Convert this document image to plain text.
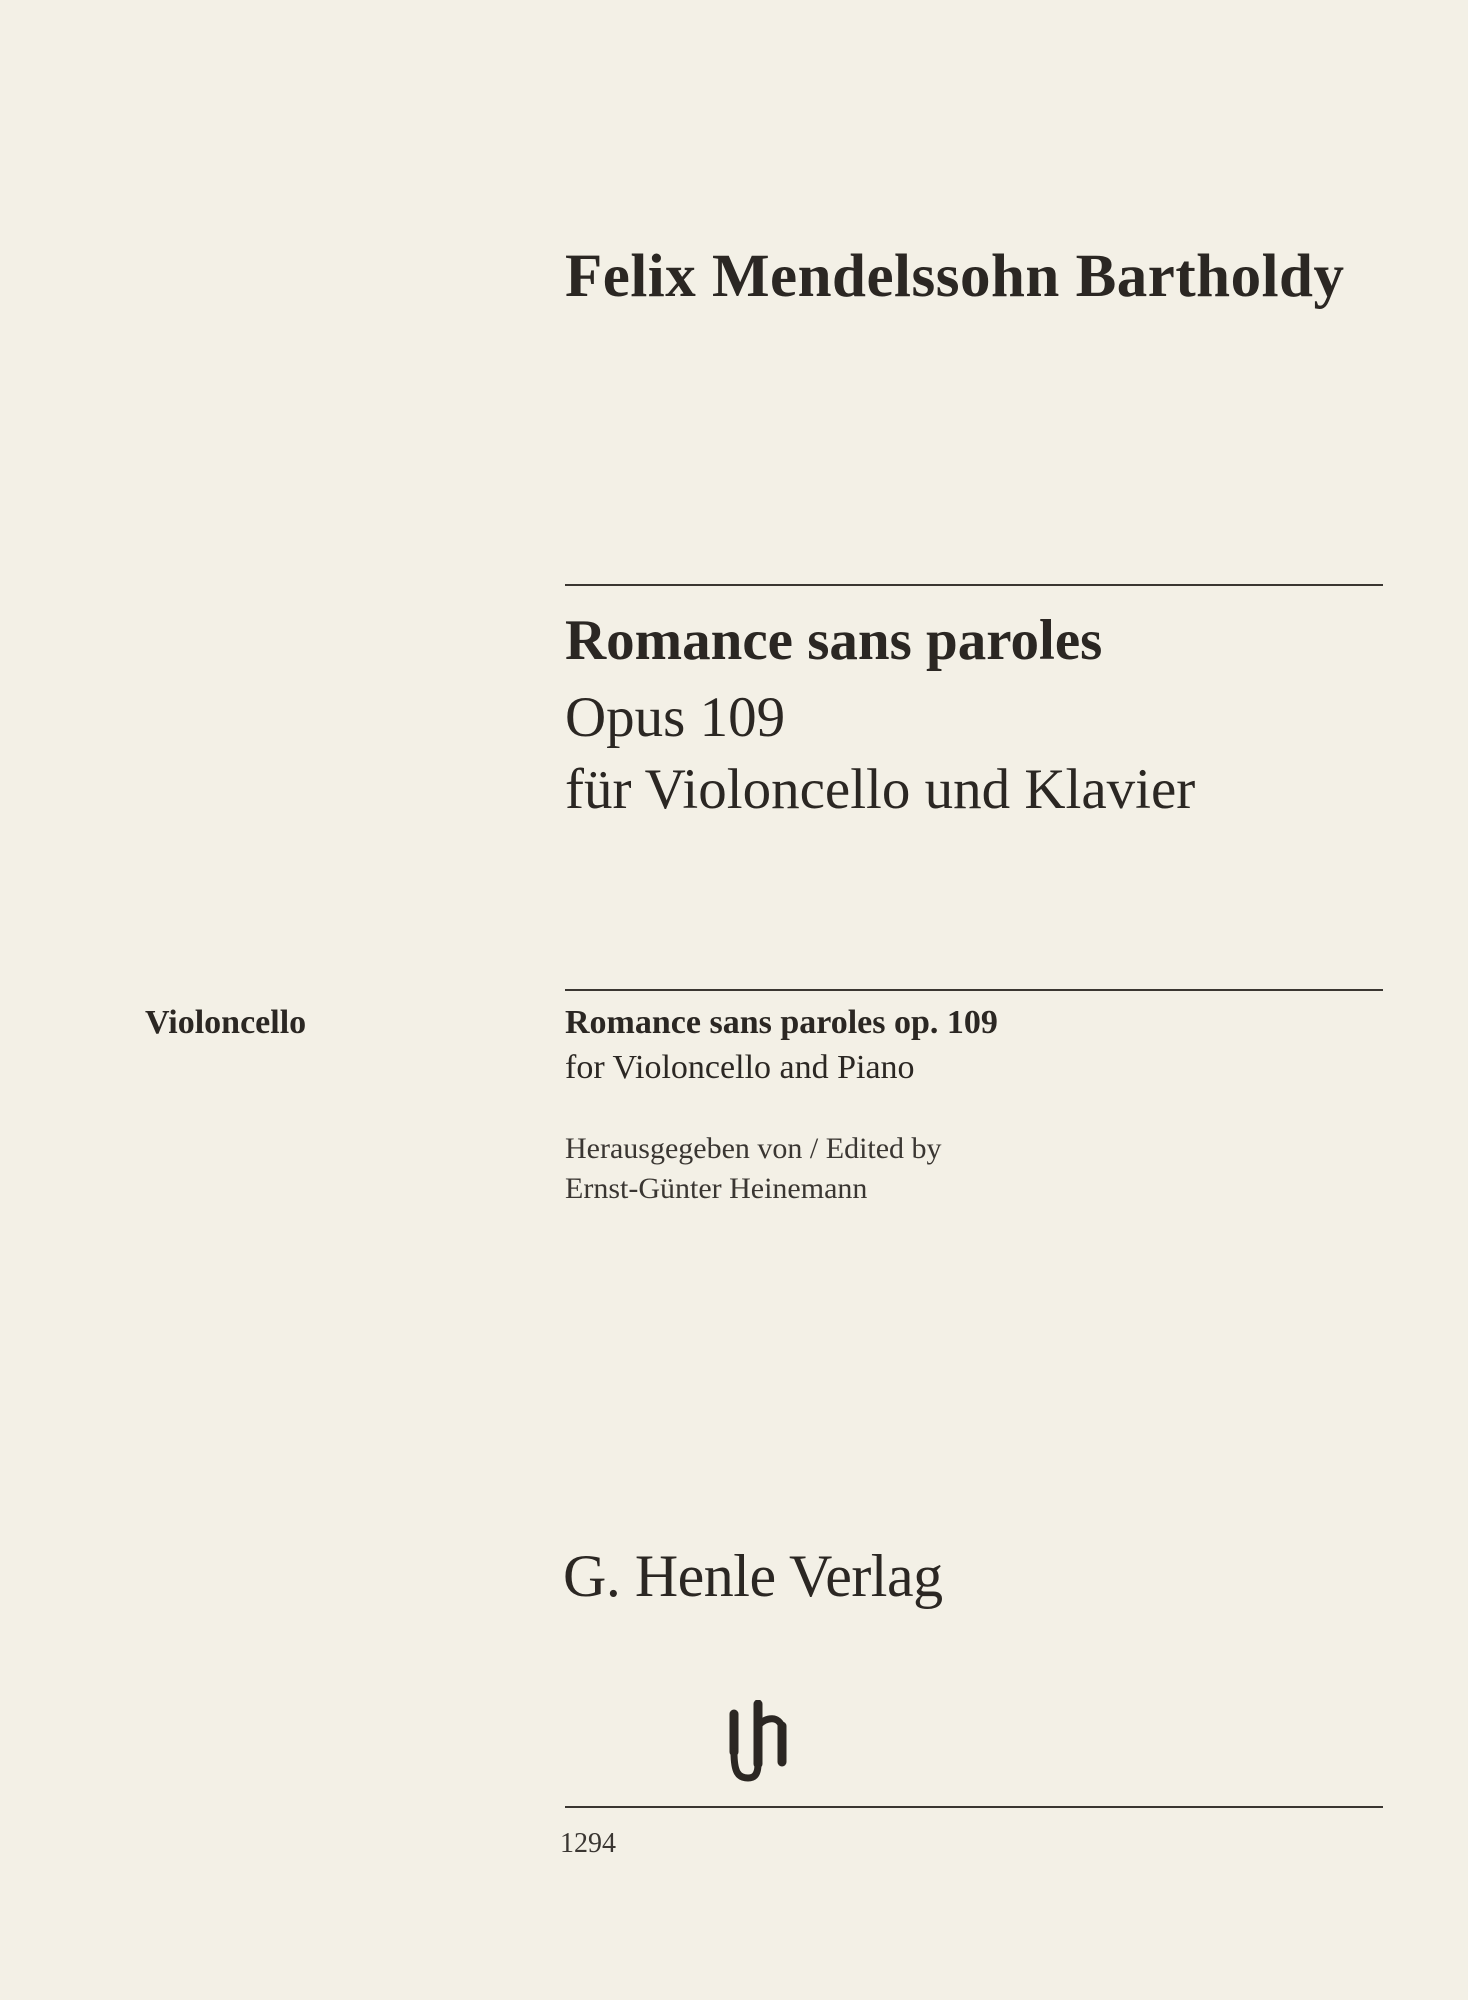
Felix Mendelssohn Bartholdy
Romance sans paroles
Opus 109
für Violoncello und Klavier
Violoncello	Romance sans paroles op. 109
for Violoncello and Piano
Herausgegeben von / Edited by
Ernst-Günter Heinemann
G. Henle Verlag
1294
